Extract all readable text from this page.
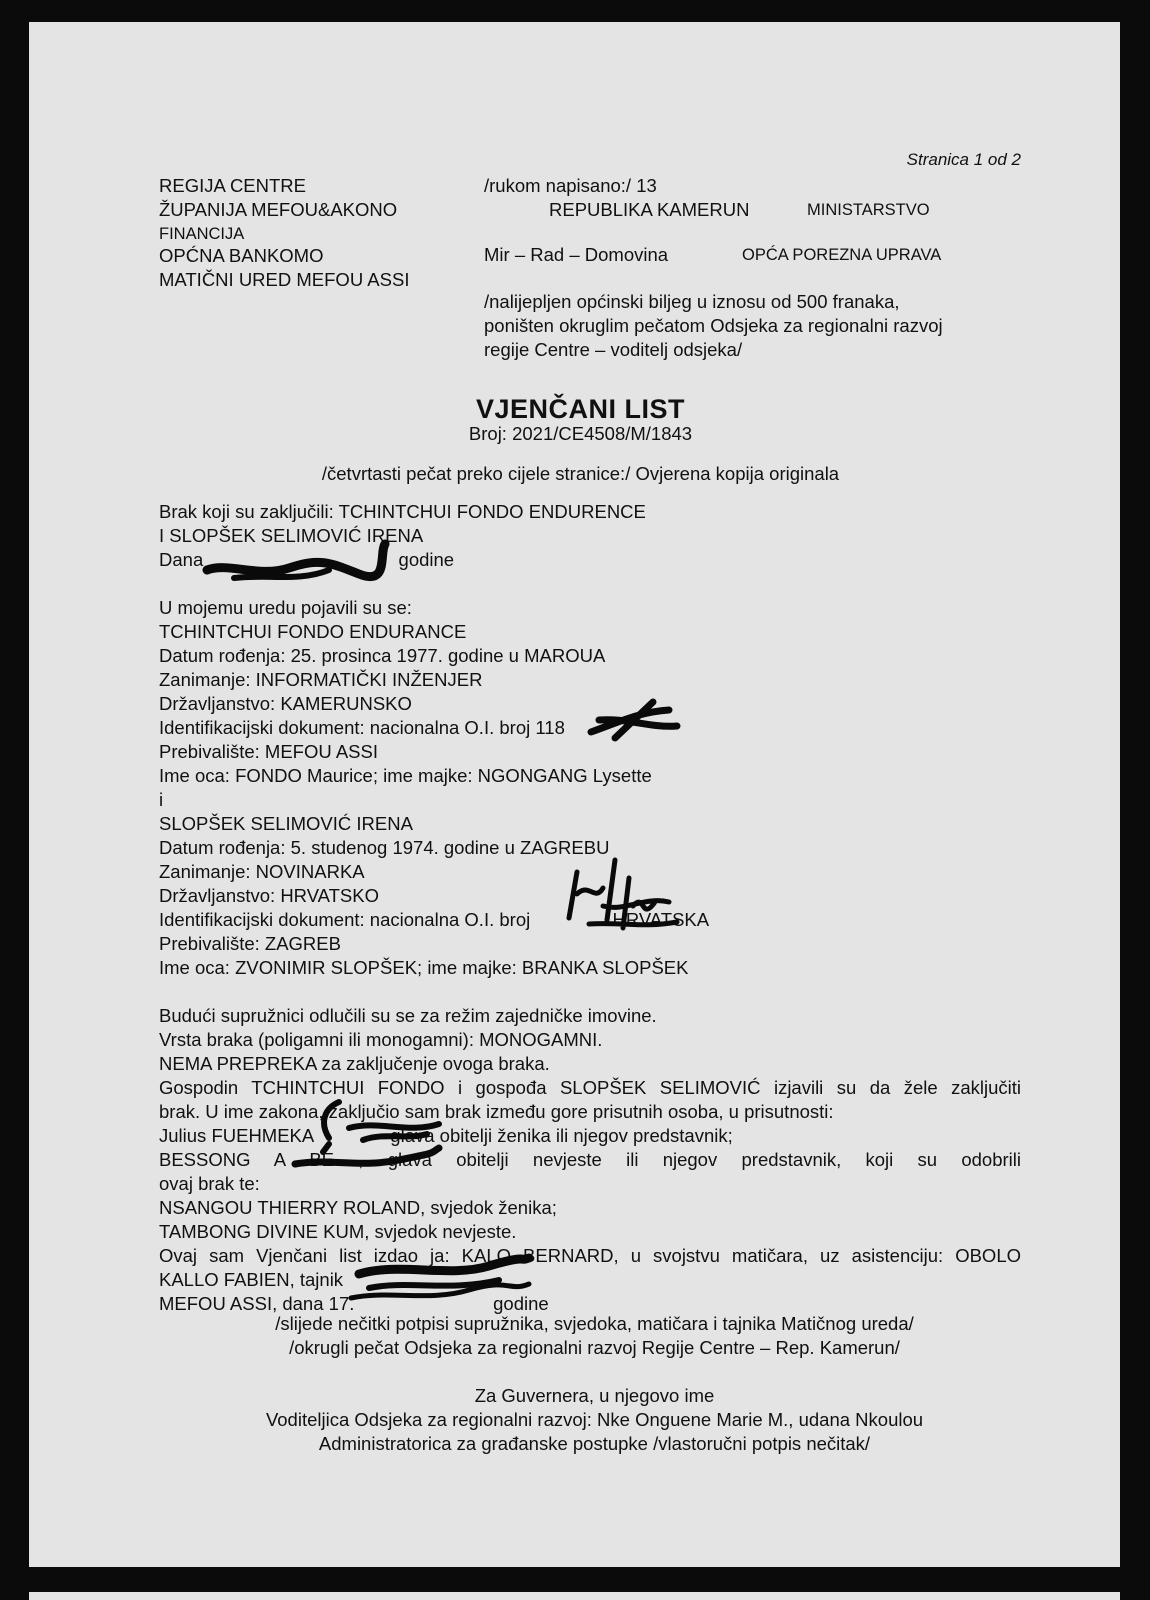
Stranica 1 od 2
REGIJA CENTRE
ŽUPANIJA MEFOU&AKONO
FINANCIJA
OPĆNA BANKOMO
MATIČNI URED MEFOU ASSI
/rukom napisano:/ 13
REPUBLIKA KAMERUN	MINISTARSTVO
Mir – Rad – Domovina	OPĆA POREZNA UPRAVA
/nalijepljen općinski biljeg u iznosu od 500 franaka,
poništen okruglim pečatom Odsjeka za regionalni razvoj
regije Centre – voditelj odsjeka/
VJENČANI LIST
Broj: 2021/CE4508/M/1843
/četvrtasti pečat preko cijele stranice:/ Ovjerena kopija originala
Brak koji su zaključili: TCHINTCHUI FONDO ENDURENCE
I SLOPŠEK SELIMOVIĆ IRENA
Dana                                      godine
U mojemu uredu pojavili su se:
TCHINTCHUI FONDO ENDURANCE
Datum rođenja: 25. prosinca 1977. godine u MAROUA
Zanimanje: INFORMATIČKI INŽENJER
Državljanstvo: KAMERUNSKO
Identifikacijski dokument: nacionalna O.I. broj 118
Prebivalište: MEFOU ASSI
Ime oca: FONDO Maurice; ime majke: NGONGANG Lysette
i
SLOPŠEK SELIMOVIĆ IRENA
Datum rođenja: 5. studenog 1974. godine u ZAGREBU
Zanimanje: NOVINARKA
Državljanstvo: HRVATSKO
Identifikacijski dokument: nacionalna O.I. broj                HRVATSKA
Prebivalište: ZAGREB
Ime oca: ZVONIMIR SLOPŠEK; ime majke: BRANKA SLOPŠEK
Budući supružnici odlučili su se za režim zajedničke imovine.
Vrsta braka (poligamni ili monogamni): MONOGAMNI.
NEMA PREPREKA za zaključenje ovoga braka.
Gospodin TCHINTCHUI FONDO i gospođa SLOPŠEK SELIMOVIĆ izjavili su da žele zaključiti
brak. U ime zakona, zaključio sam brak između gore prisutnih osoba, u prisutnosti:
Julius FUEHMEKA               glava obitelji ženika ili njegov predstavnik;
BESSONG A BE , glava obitelji nevjeste ili njegov predstavnik, koji su odobrili
ovaj brak te:
NSANGOU THIERRY ROLAND, svjedok ženika;
TAMBONG DIVINE KUM, svjedok nevjeste.
Ovaj sam Vjenčani list izdao ja: KALO BERNARD, u svojstvu matičara, uz asistenciju: OBOLO
KALLO FABIEN, tajnik
MEFOU ASSI, dana 17.                           godine
/slijede nečitki potpisi supružnika, svjedoka, matičara i tajnika Matičnog ureda/
/okrugli pečat Odsjeka za regionalni razvoj Regije Centre – Rep. Kamerun/
Za Guvernera, u njegovo ime
Voditeljica Odsjeka za regionalni razvoj: Nke Onguene Marie M., udana Nkoulou
Administratorica za građanske postupke /vlastoručni potpis nečitak/
